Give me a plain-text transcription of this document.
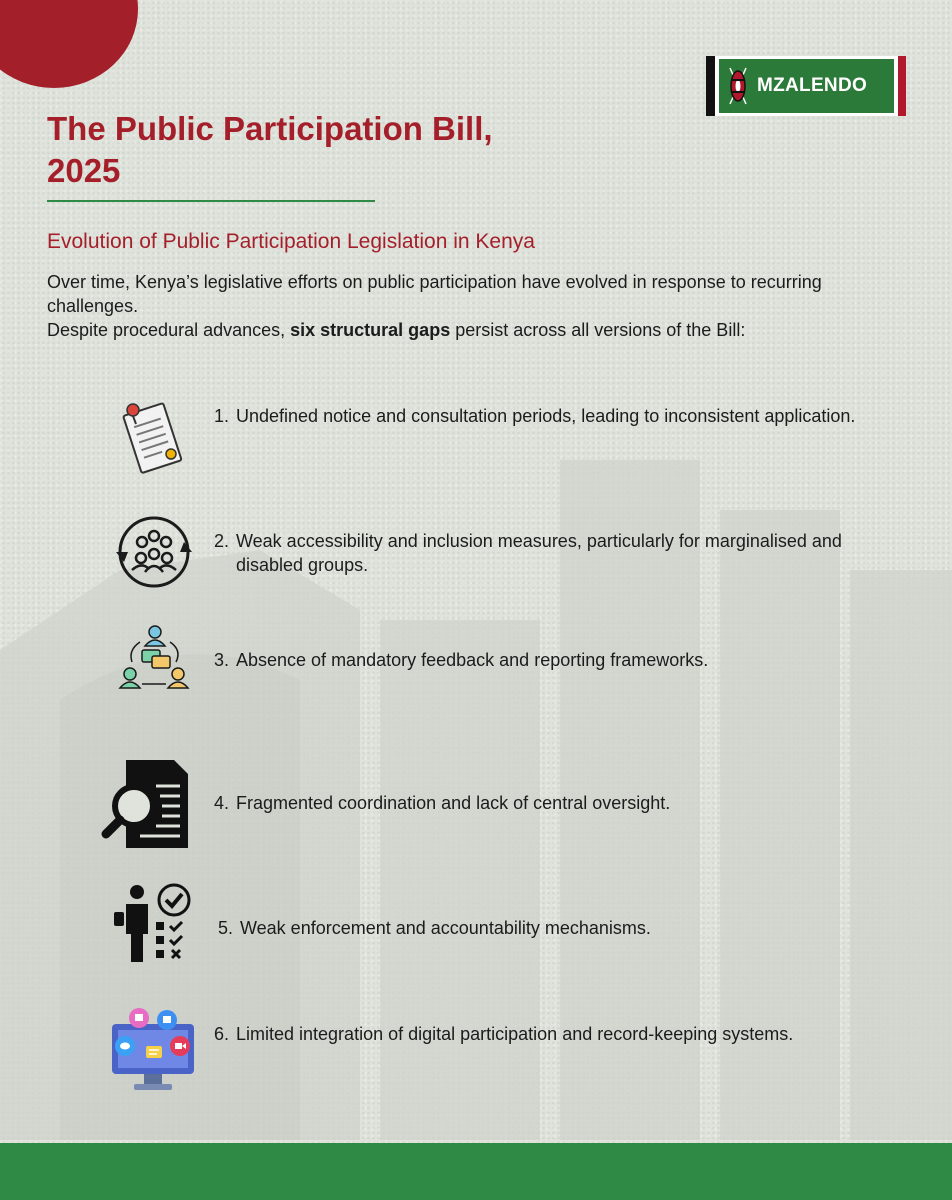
MZALENDO
The Public Participation Bill,
2025
Evolution of Public Participation Legislation in Kenya

Over time, Kenya’s legislative efforts on public participation have evolved in response to recurring challenges.

Despite procedural advances, six structural gaps persist across all versions of the Bill:

1. Undefined notice and consultation periods, leading to inconsistent application.
2. Weak accessibility and inclusion measures, particularly for marginalised and disabled groups.
3. Absence of mandatory feedback and reporting frameworks.
4. Fragmented coordination and lack of central oversight.
5. Weak enforcement and accountability mechanisms.
6. Limited integration of digital participation and record-keeping systems.
